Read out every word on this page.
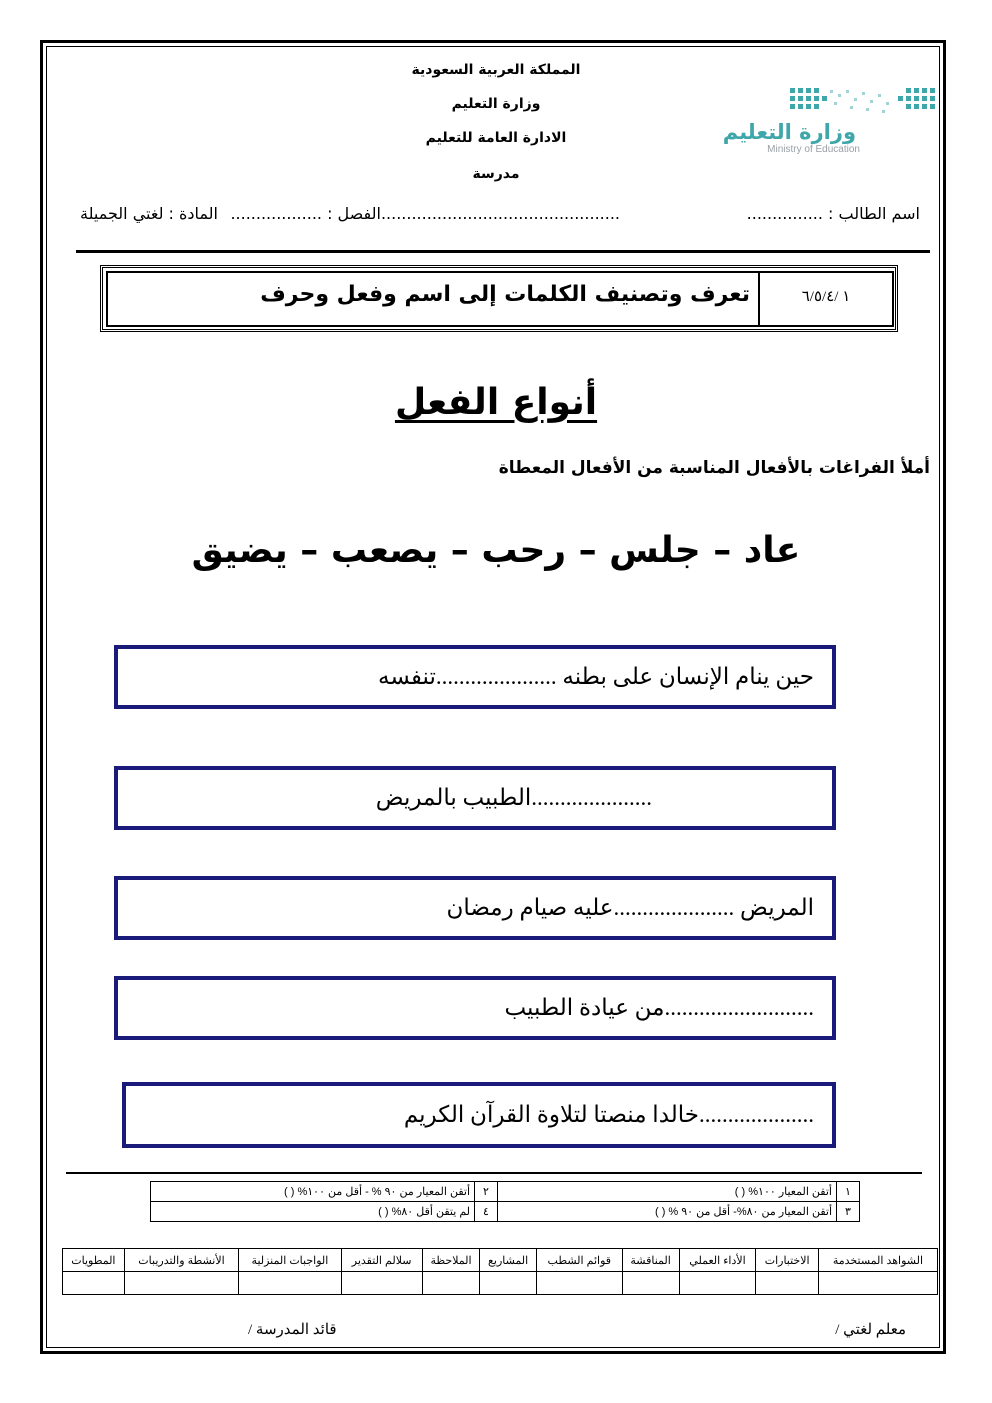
المملكة العربية السعودية
وزارة التعليم
الادارة العامة للتعليم
مدرسة
وزارة التعليم
Ministry of Education
اسم الطالب : ...............
...............................................الفصل : ..................
المادة : لغتي الجميلة
١ /٦/٥/٤
تعرف وتصنيف الكلمات إلى اسم وفعل وحرف
أنواع الفعل
أملأ الفراغات بالأفعال المناسبة من الأفعال المعطاة
عاد – جلس – رحب – يصعب – يضيق
حين ينام الإنسان على بطنه .....................تنفسه
.....................الطبيب بالمريض
المريض .....................عليه صيام رمضان
..........................من عيادة الطبيب
....................خالدا منصتا لتلاوة القرآن الكريم
١	أتقن المعيار ١٠٠% ( )	٢	أتقن المعيار من ٩٠ % - أقل من ١٠٠% ( )
٣	أتقن المعيار من ٨٠%- أقل من ٩٠ % ( )	٤	لم يتقن أقل ٨٠% ( )
الشواهد المستخدمة	الاختبارات	الأداء العملي	المناقشة	قوائم الشطب	المشاريع	الملاحظة	سلالم التقدير	الواجبات المنزلية	الأنشطة والتدريبات	المطويات

معلم لغتي /
قائد المدرسة /
